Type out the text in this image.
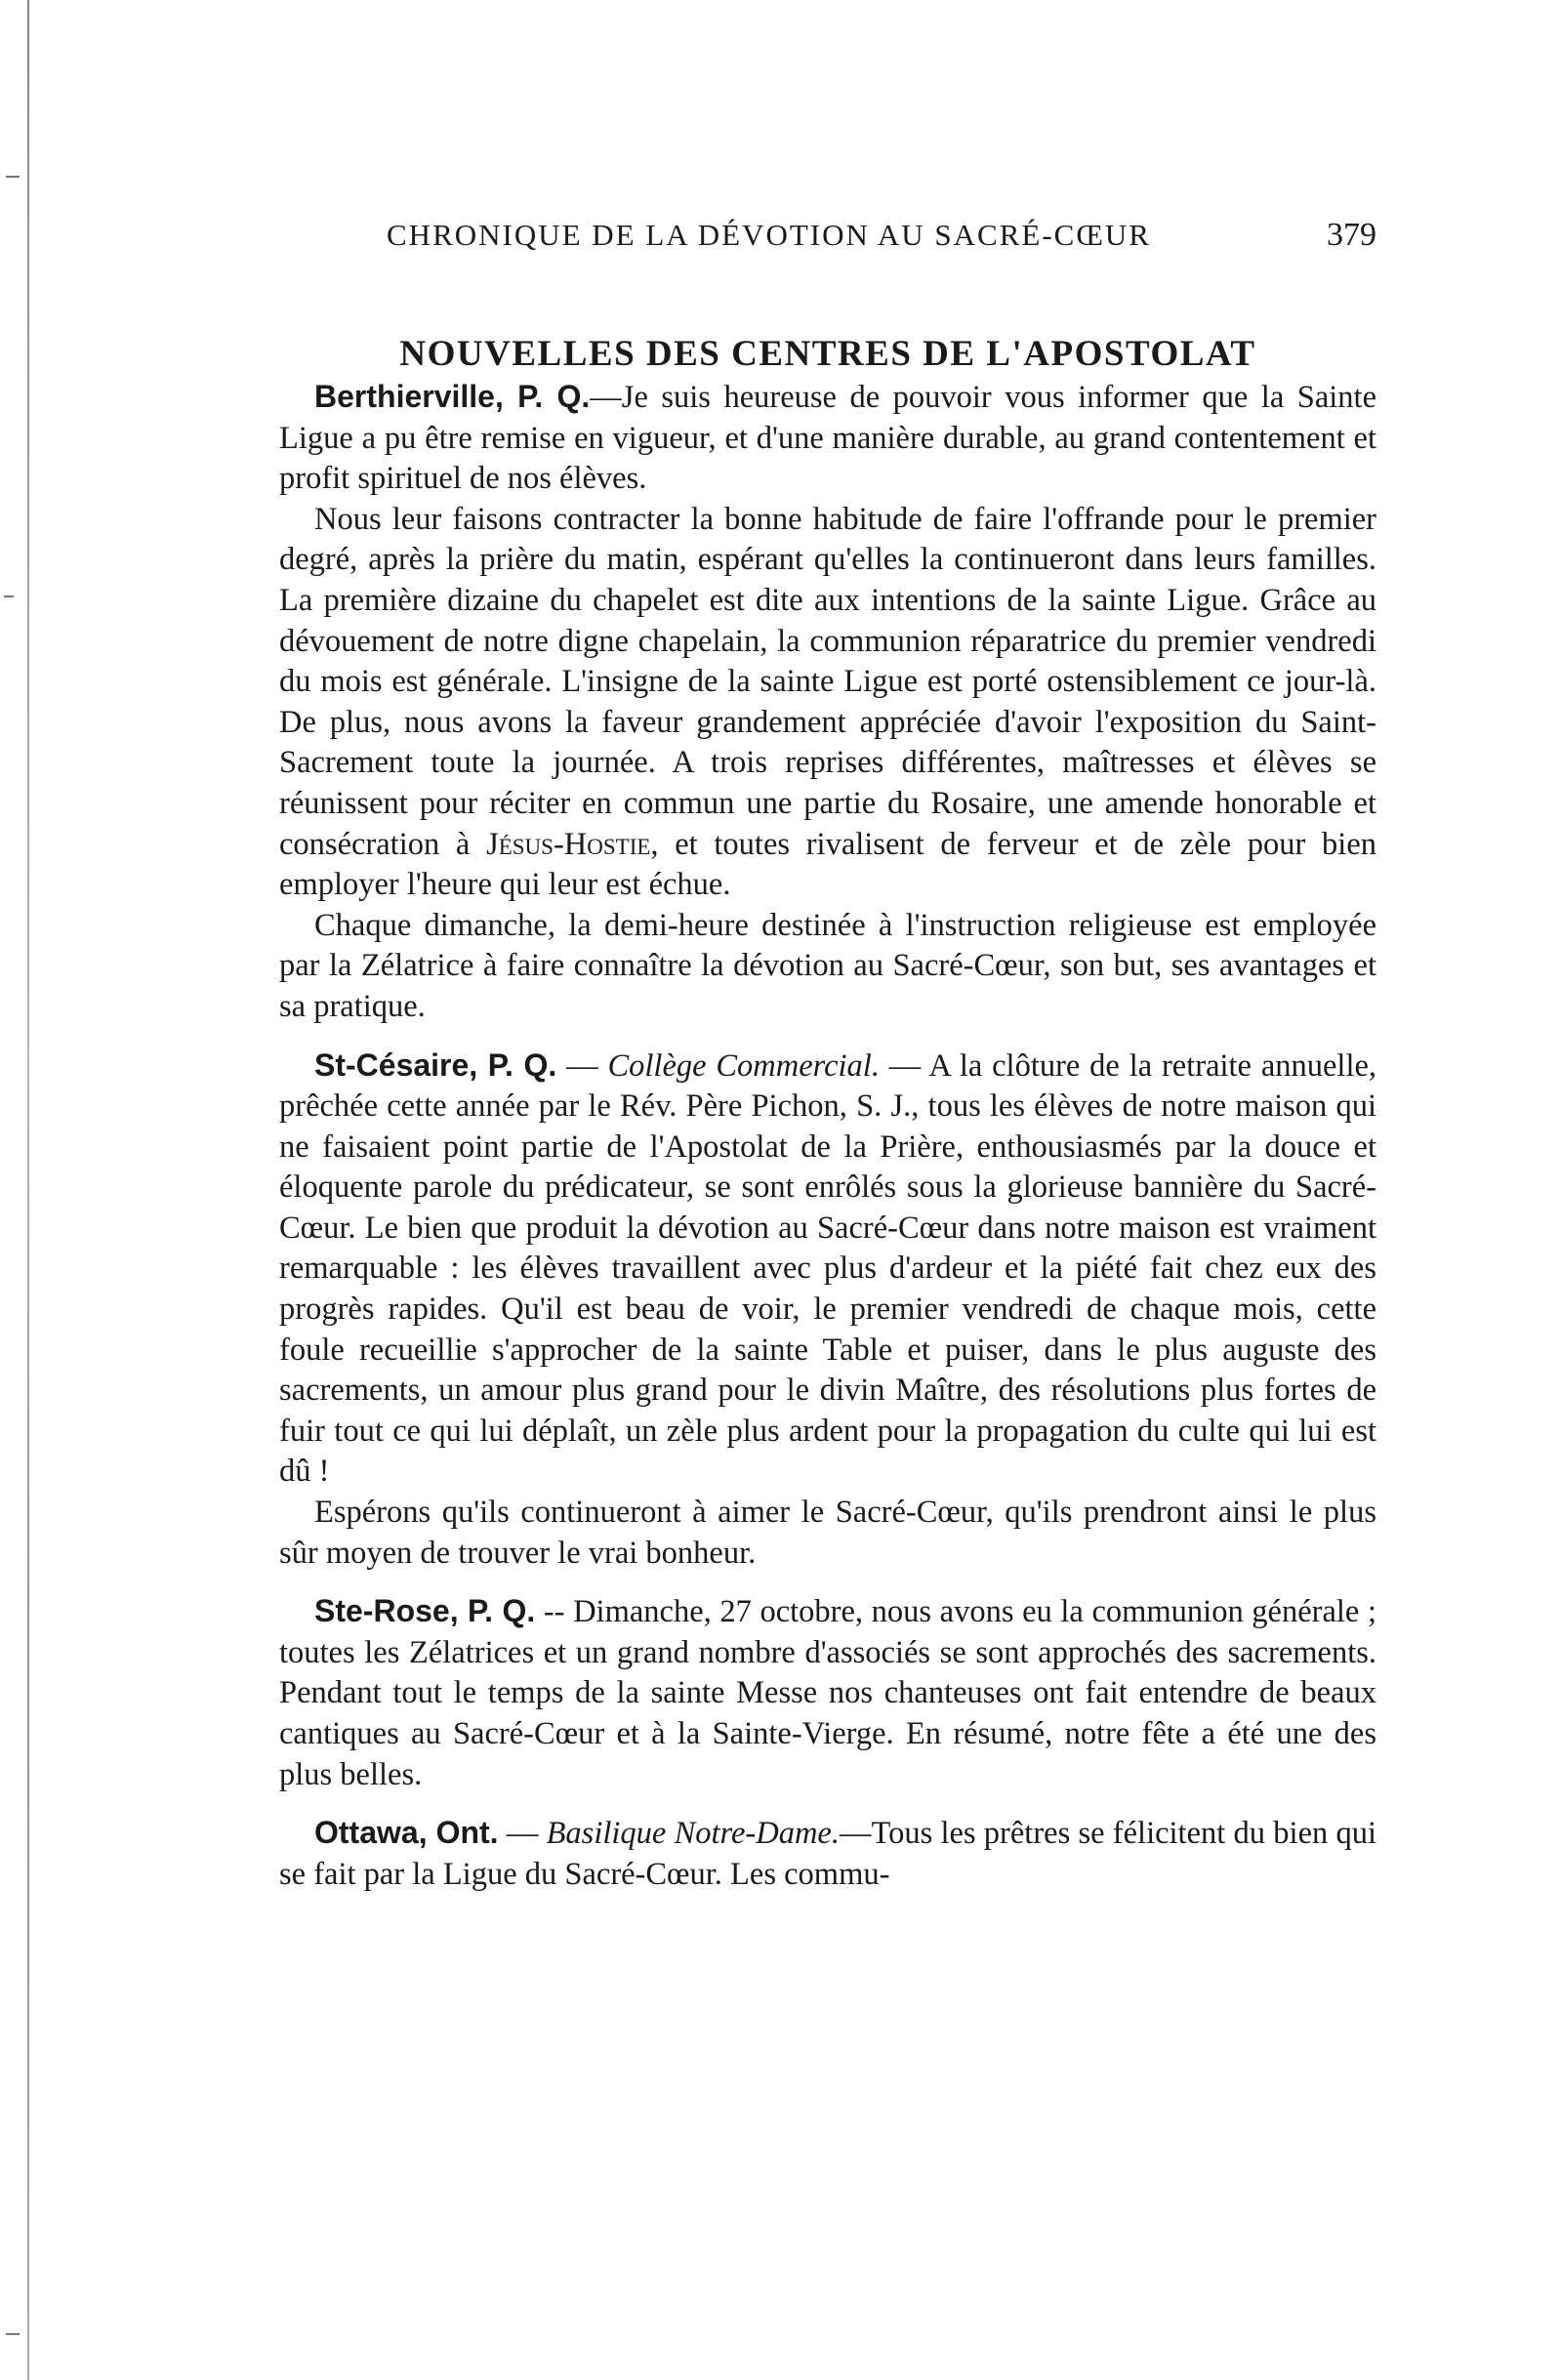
CHRONIQUE DE LA DÉVOTION AU SACRÉ-CŒUR	379
NOUVELLES DES CENTRES DE L'APOSTOLAT

Berthierville, P. Q.—Je suis heureuse de pouvoir vous informer que la Sainte Ligue a pu être remise en vigueur, et d'une manière durable, au grand contentement et profit spirituel de nos élèves.

Nous leur faisons contracter la bonne habitude de faire l'offrande pour le premier degré, après la prière du matin, espérant qu'elles la continueront dans leurs familles. La première dizaine du chapelet est dite aux intentions de la sainte Ligue. Grâce au dévouement de notre digne chapelain, la communion réparatrice du premier vendredi du mois est générale. L'insigne de la sainte Ligue est porté ostensiblement ce jour-là. De plus, nous avons la faveur grandement appréciée d'avoir l'exposition du Saint-Sacrement toute la journée. A trois reprises différentes, maîtresses et élèves se réunissent pour réciter en commun une partie du Rosaire, une amende honorable et consécration à Jésus-Hostie, et toutes rivalisent de ferveur et de zèle pour bien employer l'heure qui leur est échue.

Chaque dimanche, la demi-heure destinée à l'instruction religieuse est employée par la Zélatrice à faire connaître la dévotion au Sacré-Cœur, son but, ses avantages et sa pratique.

St-Césaire, P. Q. — Collège Commercial. — A la clôture de la retraite annuelle, prêchée cette année par le Rév. Père Pichon, S. J., tous les élèves de notre maison qui ne faisaient point partie de l'Apostolat de la Prière, enthousiasmés par la douce et éloquente parole du prédicateur, se sont enrôlés sous la glorieuse bannière du Sacré-Cœur. Le bien que produit la dévotion au Sacré-Cœur dans notre maison est vraiment remarquable : les élèves travaillent avec plus d'ardeur et la piété fait chez eux des progrès rapides. Qu'il est beau de voir, le premier vendredi de chaque mois, cette foule recueillie s'approcher de la sainte Table et puiser, dans le plus auguste des sacrements, un amour plus grand pour le divin Maître, des résolutions plus fortes de fuir tout ce qui lui déplaît, un zèle plus ardent pour la propagation du culte qui lui est dû !

Espérons qu'ils continueront à aimer le Sacré-Cœur, qu'ils prendront ainsi le plus sûr moyen de trouver le vrai bonheur.

Ste-Rose, P. Q. -- Dimanche, 27 octobre, nous avons eu la communion générale ; toutes les Zélatrices et un grand nombre d'associés se sont approchés des sacrements. Pendant tout le temps de la sainte Messe nos chanteuses ont fait entendre de beaux cantiques au Sacré-Cœur et à la Sainte-Vierge. En résumé, notre fête a été une des plus belles.

Ottawa, Ont. — Basilique Notre-Dame.—Tous les prêtres se félicitent du bien qui se fait par la Ligue du Sacré-Cœur. Les commu-
